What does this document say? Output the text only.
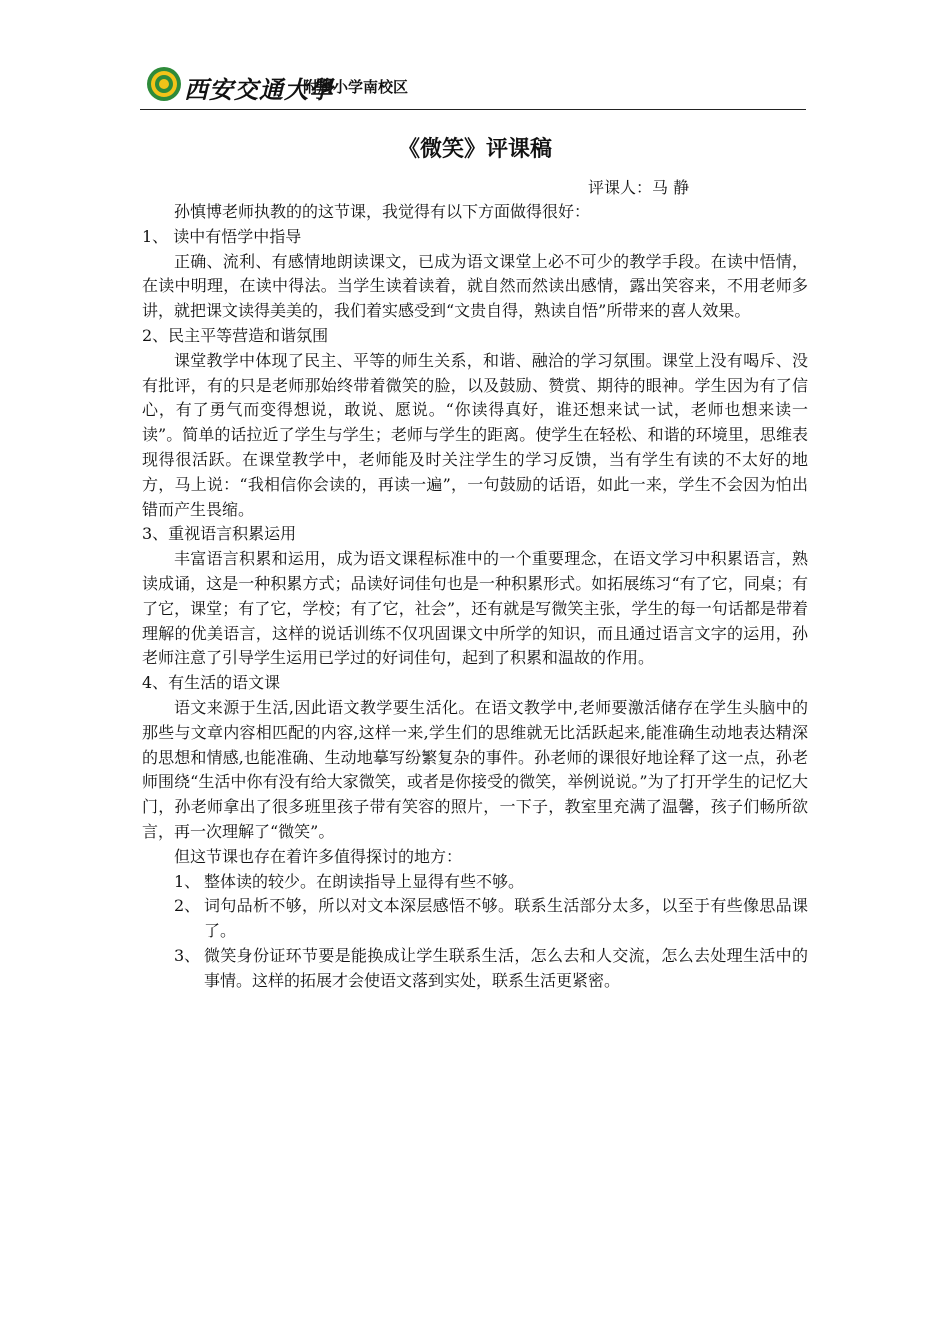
西安交通大學
附属小学南校区
《微笑》评课稿
评课人：马 静

孙慎博老师执教的的这节课，我觉得有以下方面做得很好：

1、 读中有悟学中指导

正确、流利、有感情地朗读课文，已成为语文课堂上必不可少的教学手段。在读中悟情，在读中明理，在读中得法。当学生读着读着，就自然而然读出感情，露出笑容来，不用老师多讲，就把课文读得美美的，我们着实感受到“文贵自得，熟读自悟”所带来的喜人效果。

2、民主平等营造和谐氛围

课堂教学中体现了民主、平等的师生关系，和谐、融洽的学习氛围。课堂上没有喝斥、没有批评，有的只是老师那始终带着微笑的脸，以及鼓励、赞赏、期待的眼神。学生因为有了信心，有了勇气而变得想说，敢说、愿说。“你读得真好，谁还想来试一试，老师也想来读一读”。简单的话拉近了学生与学生；老师与学生的距离。使学生在轻松、和谐的环境里，思维表现得很活跃。在课堂教学中，老师能及时关注学生的学习反馈，当有学生有读的不太好的地方，马上说：“我相信你会读的，再读一遍”，一句鼓励的话语，如此一来，学生不会因为怕出错而产生畏缩。

3、重视语言积累运用

丰富语言积累和运用，成为语文课程标准中的一个重要理念，在语文学习中积累语言，熟读成诵，这是一种积累方式；品读好词佳句也是一种积累形式。如拓展练习“有了它，同桌；有了它，课堂；有了它，学校；有了它，社会”，还有就是写微笑主张，学生的每一句话都是带着理解的优美语言，这样的说话训练不仅巩固课文中所学的知识，而且通过语言文字的运用，孙老师注意了引导学生运用已学过的好词佳句，起到了积累和温故的作用。

4、有生活的语文课

语文来源于生活,因此语文教学要生活化。在语文教学中,老师要激活储存在学生头脑中的那些与文章内容相匹配的内容,这样一来,学生们的思维就无比活跃起来,能准确生动地表达精深的思想和情感,也能准确、生动地摹写纷繁复杂的事件。孙老师的课很好地诠释了这一点，孙老师围绕“生活中你有没有给大家微笑，或者是你接受的微笑，举例说说。”为了打开学生的记忆大门，孙老师拿出了很多班里孩子带有笑容的照片，一下子，教室里充满了温馨，孩子们畅所欲言，再一次理解了“微笑”。

但这节课也存在着许多值得探讨的地方：

1、 整体读的较少。在朗读指导上显得有些不够。

2、 词句品析不够，所以对文本深层感悟不够。联系生活部分太多，以至于有些像思品课了。

3、 微笑身份证环节要是能换成让学生联系生活，怎么去和人交流，怎么去处理生活中的事情。这样的拓展才会使语文落到实处，联系生活更紧密。
